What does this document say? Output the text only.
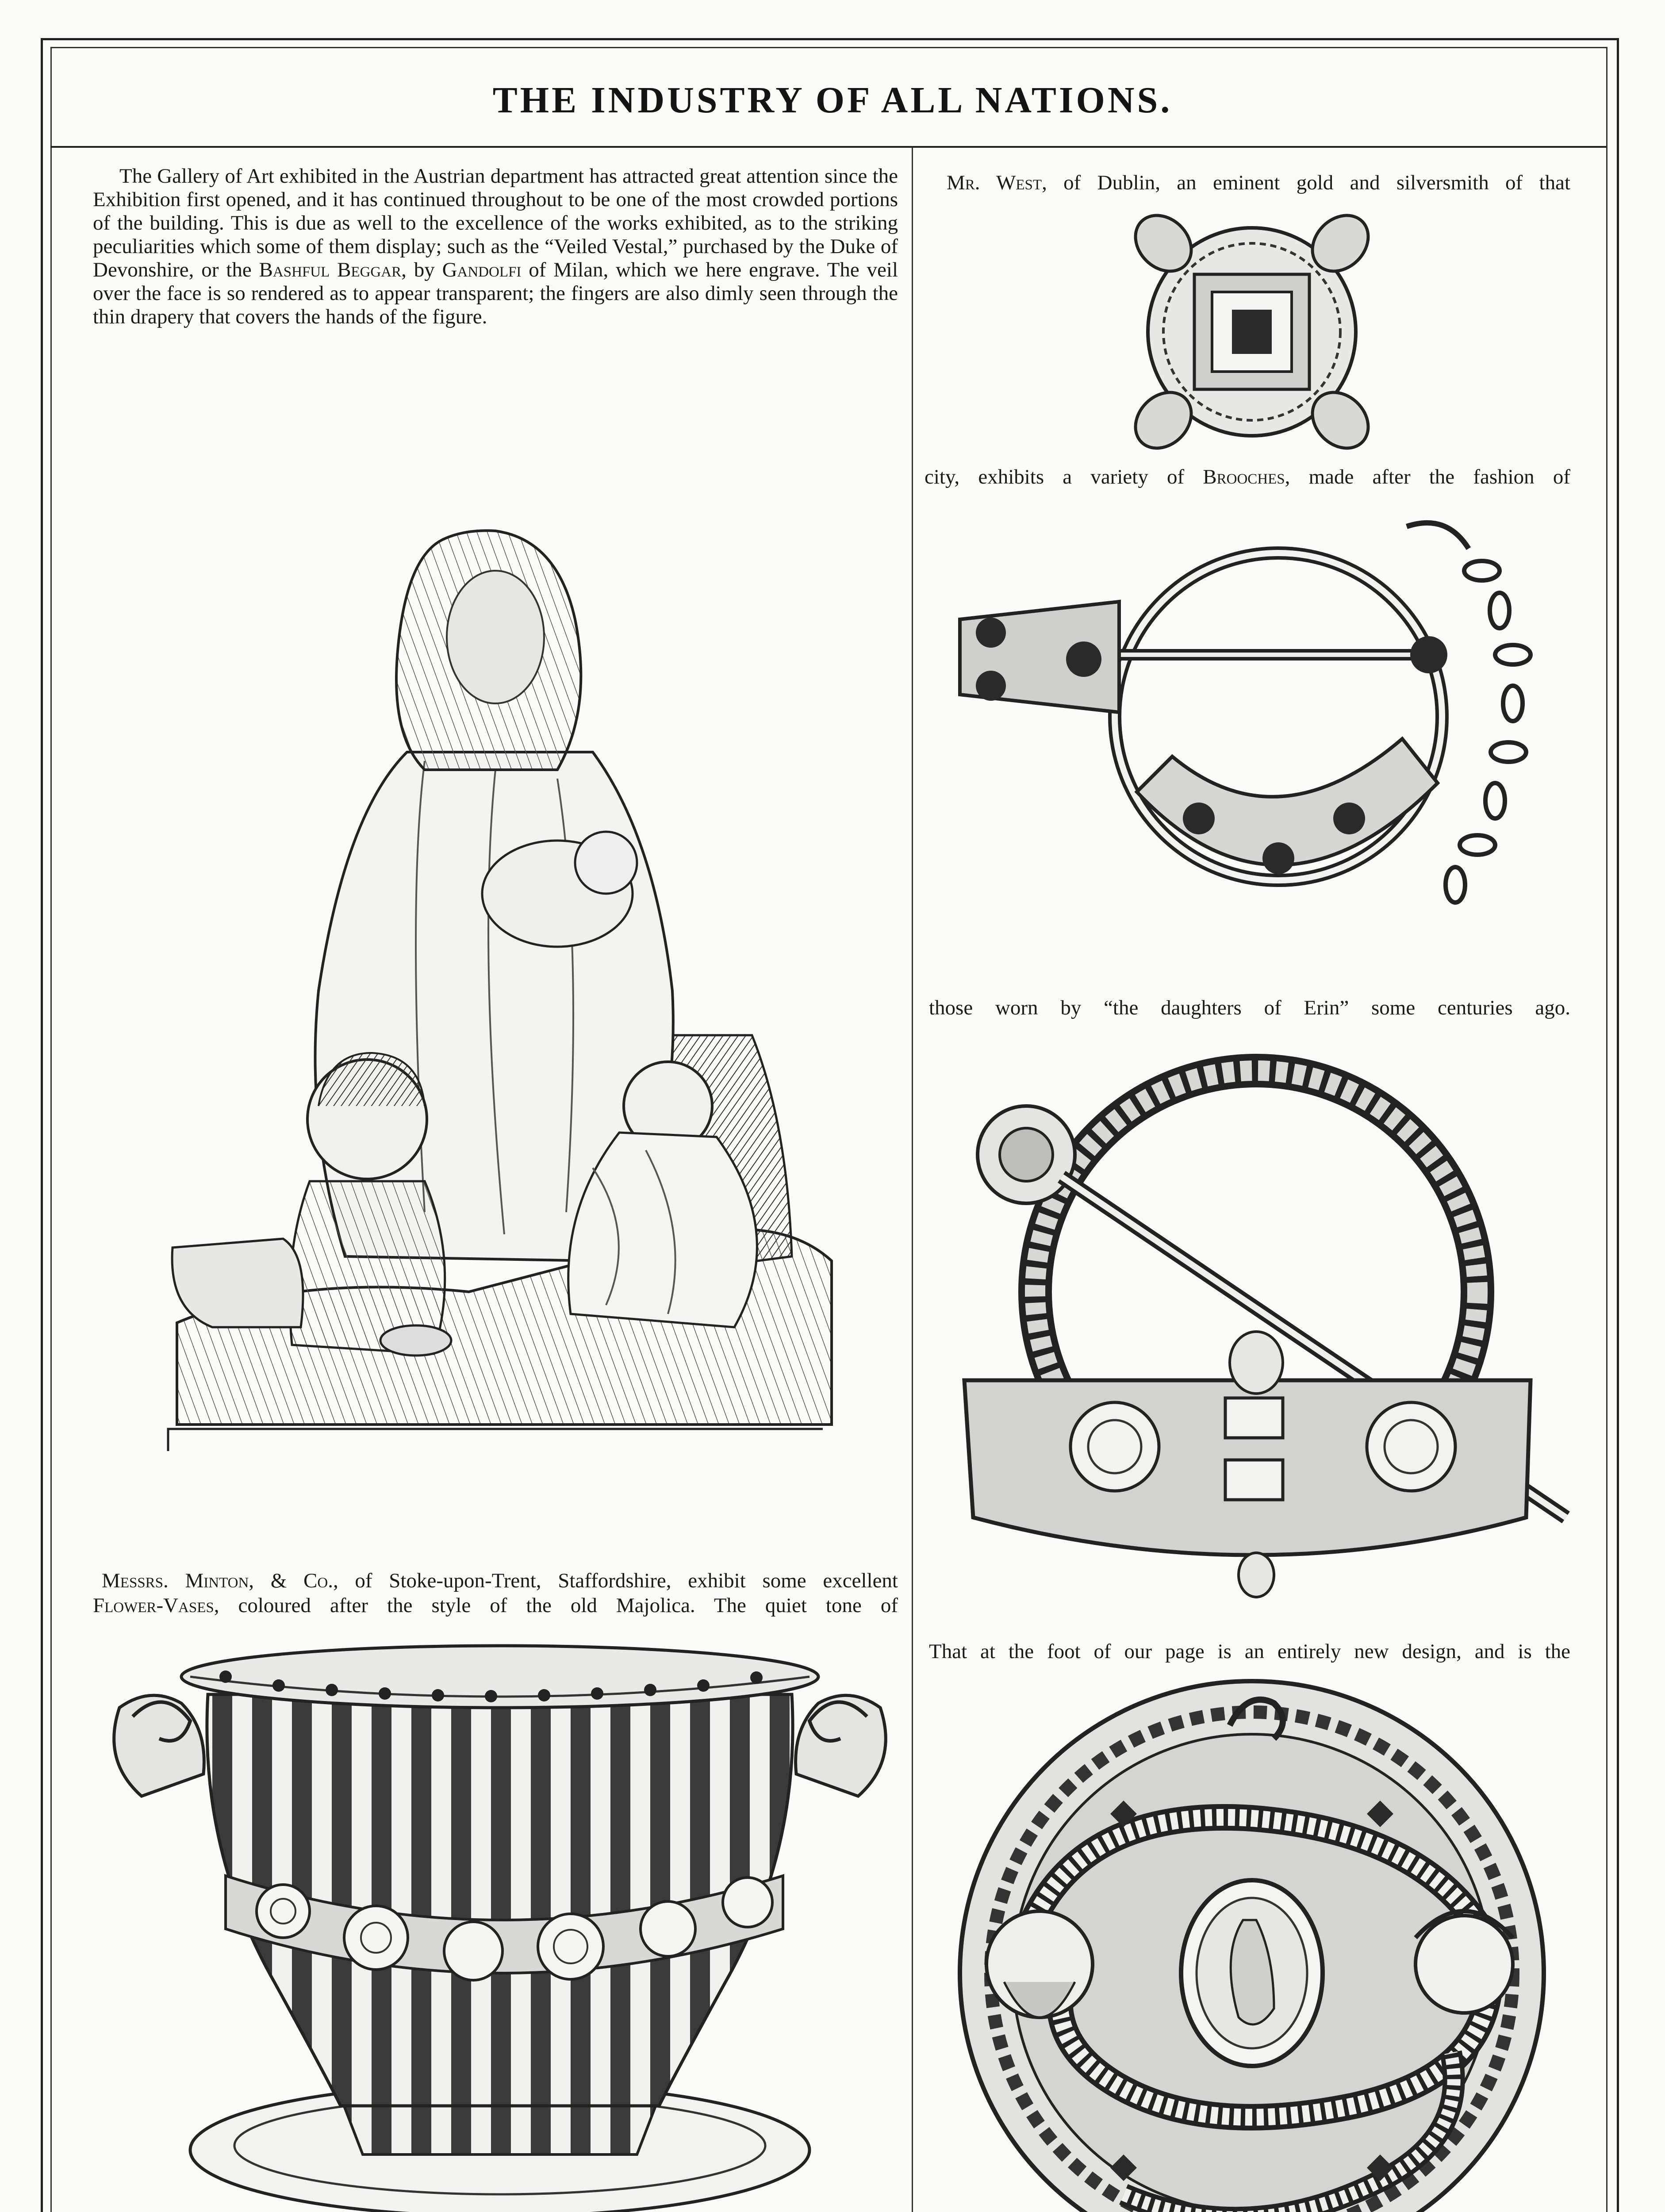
THE INDUSTRY OF ALL NATIONS.

The Gallery of Art exhibited in the Austrian department has attracted great attention since the Exhibition first opened, and it has continued throughout to be one of the most crowded portions of the building. This is due as well to the excellence of the works exhibited, as to the striking peculiarities which some of them display; such as the “Veiled Vestal,” purchased by the Duke of Devonshire, or the Bashful Beggar, by Gandolfi of Milan, which we here engrave. The veil over the face is so rendered as to appear transparent; the fingers are also dimly seen through the thin drapery that covers the hands of the figure.

Messrs. Minton, & Co., of Stoke-upon-Trent, Staffordshire, exhibit some excellent
Flower-Vases, coloured after the style of the old Majolica. The quiet tone of
Mr. West, of Dublin, an eminent gold and silversmith of that
city, exhibits a variety of Brooches, made after the fashion of
those worn by “the daughters of Erin” some centuries ago.
That at the foot of our page is an entirely new design, and is the
